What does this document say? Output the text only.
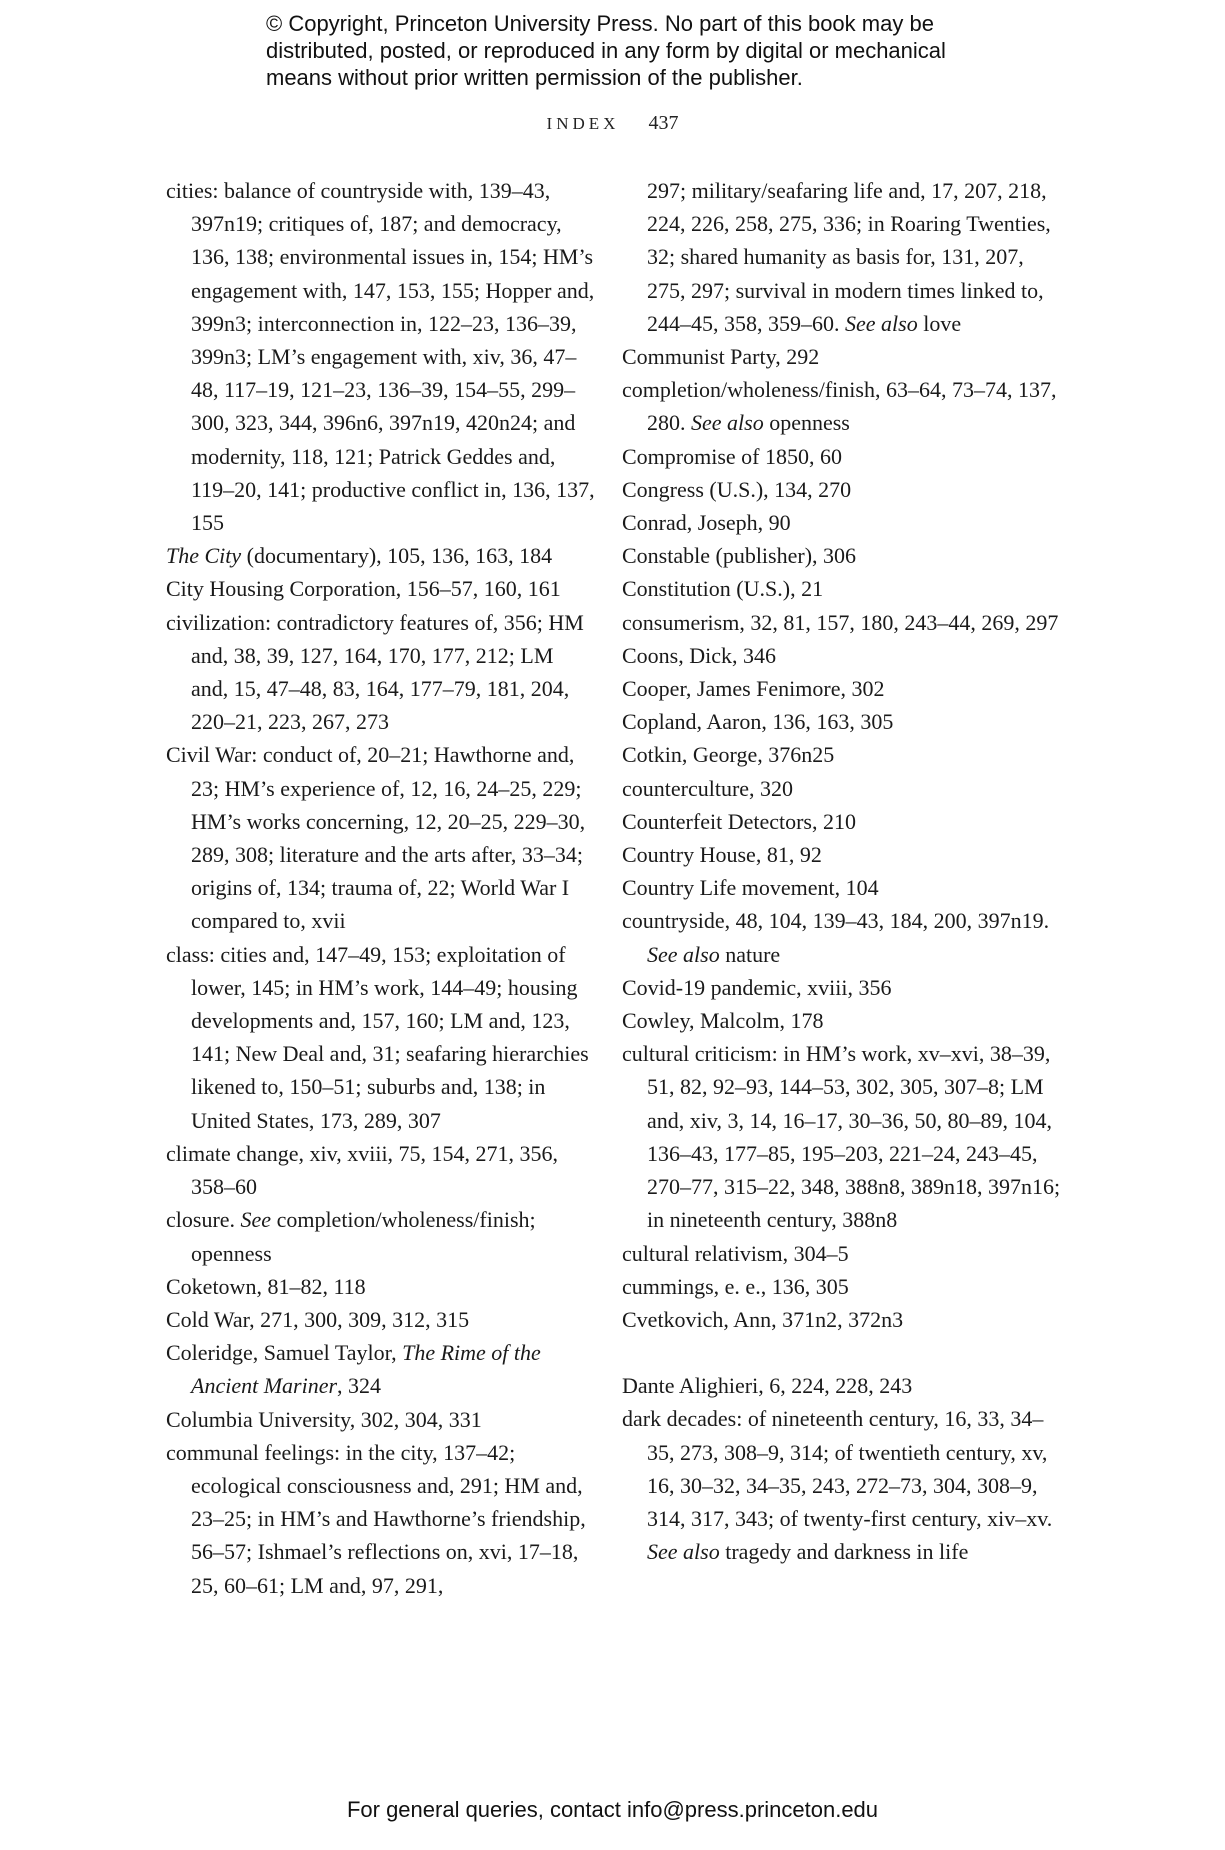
© Copyright, Princeton University Press. No part of this book may be
distributed, posted, or reproduced in any form by digital or mechanical
means without prior written permission of the publisher.
INDEX 437

cities: balance of countryside with, 139–43, 397n19; critiques of, 187; and democracy, 136, 138; environmental issues in, 154; HM’s engagement with, 147, 153, 155; Hopper and, 399n3; interconnection in, 122–23, 136–39, 399n3; LM’s engagement with, xiv, 36, 47–48, 117–19, 121–23, 136–39, 154–55, 299–300, 323, 344, 396n6, 397n19, 420n24; and modernity, 118, 121; Patrick Geddes and, 119–20, 141; productive conflict in, 136, 137, 155

The City (documentary), 105, 136, 163, 184

City Housing Corporation, 156–57, 160, 161

civilization: contradictory features of, 356; HM and, 38, 39, 127, 164, 170, 177, 212; LM and, 15, 47–48, 83, 164, 177–79, 181, 204, 220–21, 223, 267, 273

Civil War: conduct of, 20–21; Hawthorne and, 23; HM’s experience of, 12, 16, 24–25, 229; HM’s works concerning, 12, 20–25, 229–30, 289, 308; literature and the arts after, 33–34; origins of, 134; trauma of, 22; World War I compared to, xvii

class: cities and, 147–49, 153; exploitation of lower, 145; in HM’s work, 144–49; housing developments and, 157, 160; LM and, 123, 141; New Deal and, 31; seafaring hierarchies likened to, 150–51; suburbs and, 138; in United States, 173, 289, 307

climate change, xiv, xviii, 75, 154, 271, 356, 358–60

closure. See completion/wholeness/finish; openness

Coketown, 81–82, 118

Cold War, 271, 300, 309, 312, 315

Coleridge, Samuel Taylor, The Rime of the Ancient Mariner, 324

Columbia University, 302, 304, 331

communal feelings: in the city, 137–42; ecological consciousness and, 291; HM and, 23–25; in HM’s and Hawthorne’s friendship, 56–57; Ishmael’s reflections on, xvi, 17–18, 25, 60–61; LM and, 97, 291,

297; military/seafaring life and, 17, 207, 218, 224, 226, 258, 275, 336; in Roaring Twenties, 32; shared humanity as basis for, 131, 207, 275, 297; survival in modern times linked to, 244–45, 358, 359–60. See also love

Communist Party, 292

completion/wholeness/finish, 63–64, 73–74, 137, 280. See also openness

Compromise of 1850, 60

Congress (U.S.), 134, 270

Conrad, Joseph, 90

Constable (publisher), 306

Constitution (U.S.), 21

consumerism, 32, 81, 157, 180, 243–44, 269, 297

Coons, Dick, 346

Cooper, James Fenimore, 302

Copland, Aaron, 136, 163, 305

Cotkin, George, 376n25

counterculture, 320

Counterfeit Detectors, 210

Country House, 81, 92

Country Life movement, 104

countryside, 48, 104, 139–43, 184, 200, 397n19. See also nature

Covid-19 pandemic, xviii, 356

Cowley, Malcolm, 178

cultural criticism: in HM’s work, xv–xvi, 38–39, 51, 82, 92–93, 144–53, 302, 305, 307–8; LM and, xiv, 3, 14, 16–17, 30–36, 50, 80–89, 104, 136–43, 177–85, 195–203, 221–24, 243–45, 270–77, 315–22, 348, 388n8, 389n18, 397n16; in nineteenth century, 388n8

cultural relativism, 304–5

cummings, e. e., 136, 305

Cvetkovich, Ann, 371n2, 372n3

Dante Alighieri, 6, 224, 228, 243

dark decades: of nineteenth century, 16, 33, 34–35, 273, 308–9, 314; of twentieth century, xv, 16, 30–32, 34–35, 243, 272–73, 304, 308–9, 314, 317, 343; of twenty-first century, xiv–xv. See also tragedy and darkness in life

For general queries, contact info@press.princeton.edu
